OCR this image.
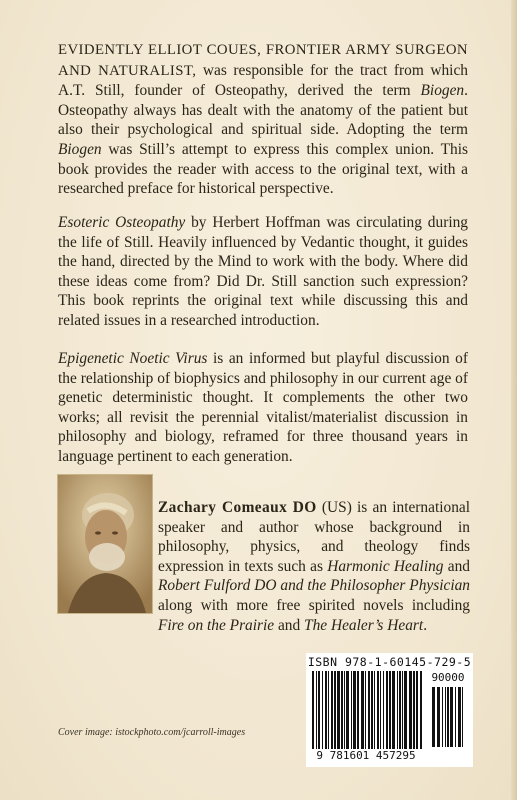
EVIDENTLY ELLIOT COUES, FRONTIER ARMY SURGEON AND NATURALIST, was responsible for the tract from which A.T. Still, founder of Osteopathy, derived the term Biogen. Osteopathy always has dealt with the anatomy of the patient but also their psychological and spiritual side. Adopting the term Biogen was Still’s attempt to express this complex union. This book provides the reader with access to the original text, with a researched preface for historical perspective.

Esoteric Osteopathy by Herbert Hoffman was circulating during the life of Still. Heavily influenced by Vedantic thought, it guides the hand, directed by the Mind to work with the body. Where did these ideas come from? Did Dr. Still sanction such expression? This book reprints the original text while discussing this and related issues in a researched introduction.

Epigenetic Noetic Virus is an informed but playful discussion of the relationship of biophysics and philosophy in our current age of genetic deterministic thought. It complements the other two works; all revisit the perennial vitalist/materialist discussion in philosophy and biology, reframed for three thousand years in language pertinent to each generation.

Zachary Comeaux DO (US) is an international speaker and author whose background in philosophy, physics, and theology finds expression in texts such as Harmonic Healing and Robert Fulford DO and the Philosopher Physician along with more free spirited novels including Fire on the Prairie and The Healer’s Heart.

ISBN 978-1-60145-729-5
9 781601 457295
90000

Cover image: istockphoto.com/jcarroll-images
